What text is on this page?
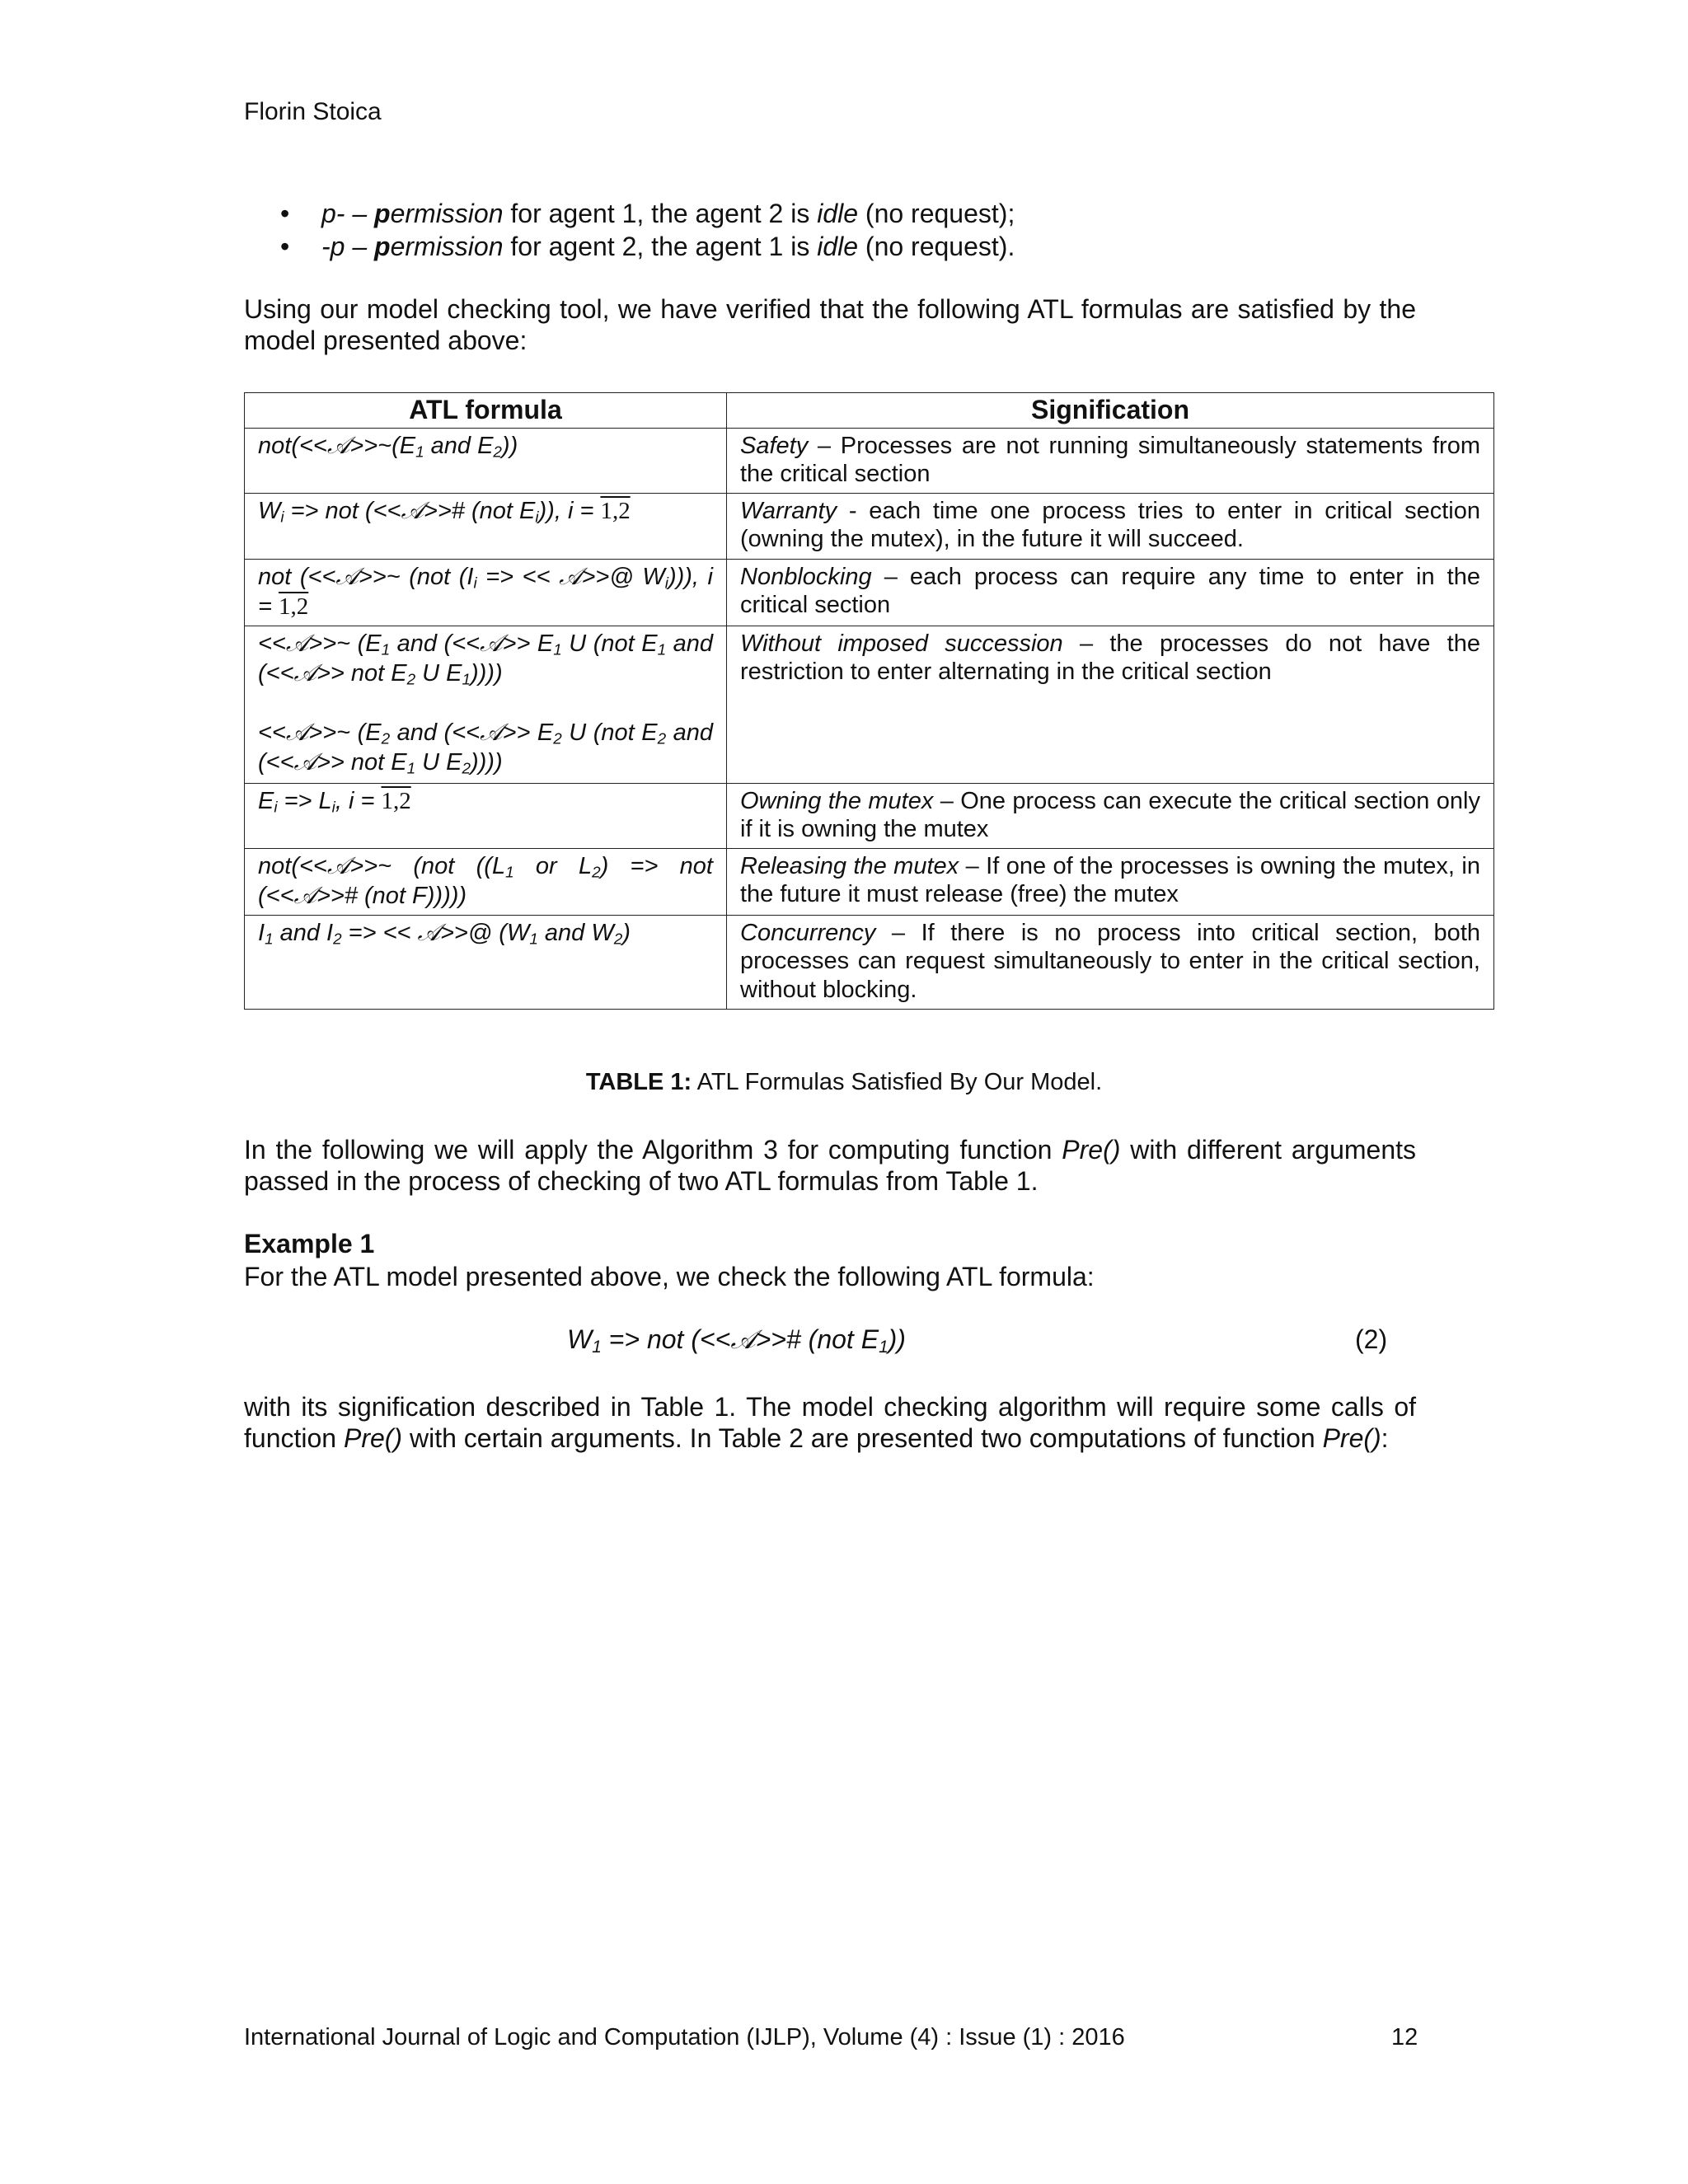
Florin Stoica
• p- – permission for agent 1, the agent 2 is idle (no request);
• -p – permission for agent 2, the agent 1 is idle (no request).
Using our model checking tool, we have verified that the following ATL formulas are satisfied by the model presented above:
ATL formula	Signification

$not(<<𝒜>>\sim(E_1$ and $E_2$))	Safety – Processes are not running simultaneously statements from the critical section

$W_i$ => not (<<𝒜>># (not $E_i$)), i = 1,2	Warranty - each time one process tries to enter in critical section (owning the mutex), in the future it will succeed.

not (<<𝒜>>~ (not ($I_i$ => << 𝒜>>@ $W_i$))), i = 1,2	Nonblocking – each process can require any time to enter in the critical section

<<𝒜>>~ ($E_1$ and (<<𝒜>> $E_1$ U (not $E_1$ and (<<𝒜>> not $E_2$ U $E_1$))))
<<𝒜>>~ ($E_2$ and (<<𝒜>> $E_2$ U (not $E_2$ and (<<𝒜>> not $E_1$ U $E_2$))))	Without imposed succession – the processes do not have the restriction to enter alternating in the critical section

$E_i => L_i$, i = 1,2	Owning the mutex – One process can execute the critical section only if it is owning the mutex

not(<<𝒜>>~ (not (($L_1$ or $L_2$) => not (<<𝒜>># (not F)))))	Releasing the mutex – If one of the processes is owning the mutex, in the future it must release (free) the mutex

$I_1$ and $I_2$ => << 𝒜>>@ ($W_1$ and $W_2$)	Concurrency – If there is no process into critical section, both processes can request simultaneously to enter in the critical section, without blocking.
TABLE 1: ATL Formulas Satisfied By Our Model.
In the following we will apply the Algorithm 3 for computing function Pre() with different arguments passed in the process of checking of two ATL formulas from Table 1.
Example 1
For the ATL model presented above, we check the following ATL formula:
$W_1$ => not (<<𝒜>># (not $E_1$))	(2)
with its signification described in Table 1. The model checking algorithm will require some calls of function Pre() with certain arguments. In Table 2 are presented two computations of function Pre():
International Journal of Logic and Computation (IJLP), Volume (4) : Issue (1) : 2016	12
